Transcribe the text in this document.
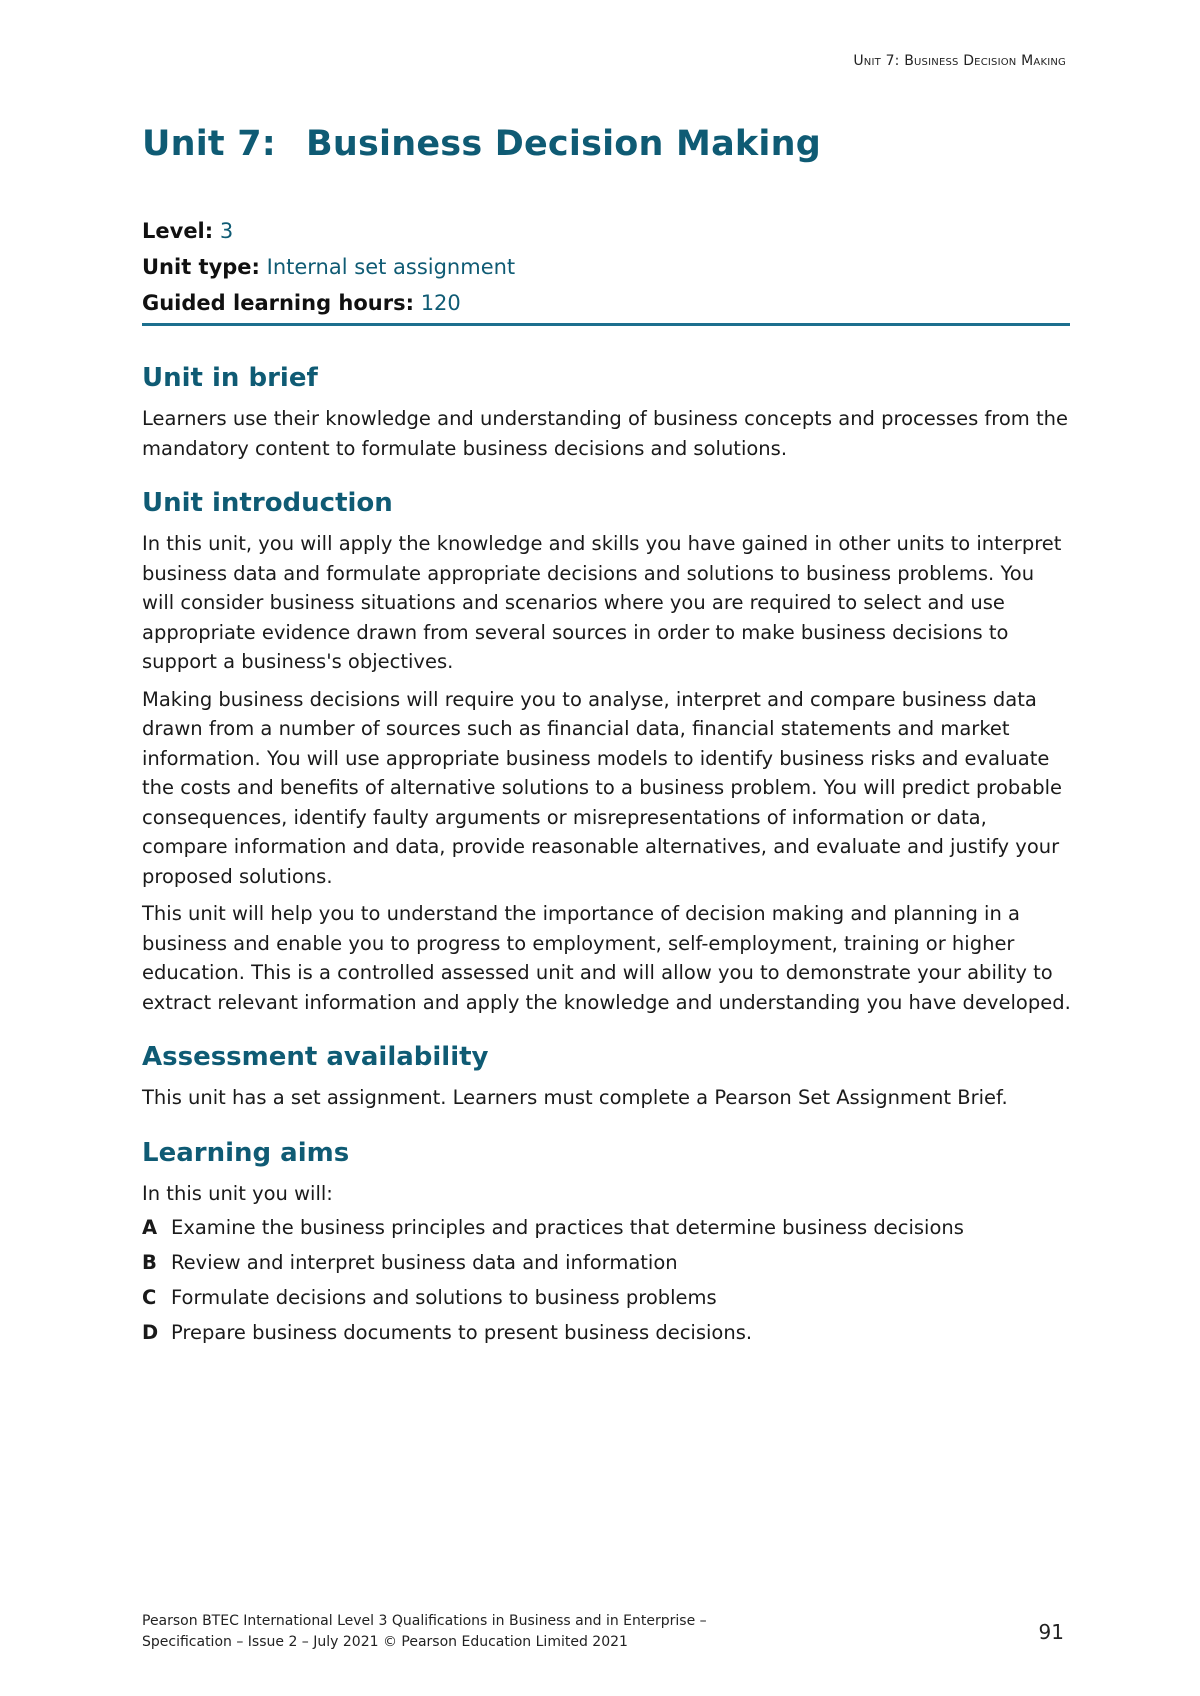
Unit 7: Business Decision Making
Unit 7: Business Decision Making
Level: 3
Unit type: Internal set assignment
Guided learning hours: 120
Unit in brief

Learners use their knowledge and understanding of business concepts and processes from the mandatory content to formulate business decisions and solutions.

Unit introduction

In this unit, you will apply the knowledge and skills you have gained in other units to interpret business data and formulate appropriate decisions and solutions to business problems. You will consider business situations and scenarios where you are required to select and use appropriate evidence drawn from several sources in order to make business decisions to support a business's objectives.

Making business decisions will require you to analyse, interpret and compare business data drawn from a number of sources such as financial data, financial statements and market information. You will use appropriate business models to identify business risks and evaluate the costs and benefits of alternative solutions to a business problem. You will predict probable consequences, identify faulty arguments or misrepresentations of information or data, compare information and data, provide reasonable alternatives, and evaluate and justify your proposed solutions.

This unit will help you to understand the importance of decision making and planning in a business and enable you to progress to employment, self-employment, training or higher education. This is a controlled assessed unit and will allow you to demonstrate your ability to extract relevant information and apply the knowledge and understanding you have developed.

Assessment availability

This unit has a set assignment. Learners must complete a Pearson Set Assignment Brief.

Learning aims

In this unit you will:

A Examine the business principles and practices that determine business decisions
B Review and interpret business data and information
C Formulate decisions and solutions to business problems
D Prepare business documents to present business decisions.
Pearson BTEC International Level 3 Qualifications in Business and in Enterprise –
Specification – Issue 2 – July 2021 © Pearson Education Limited 2021	91
